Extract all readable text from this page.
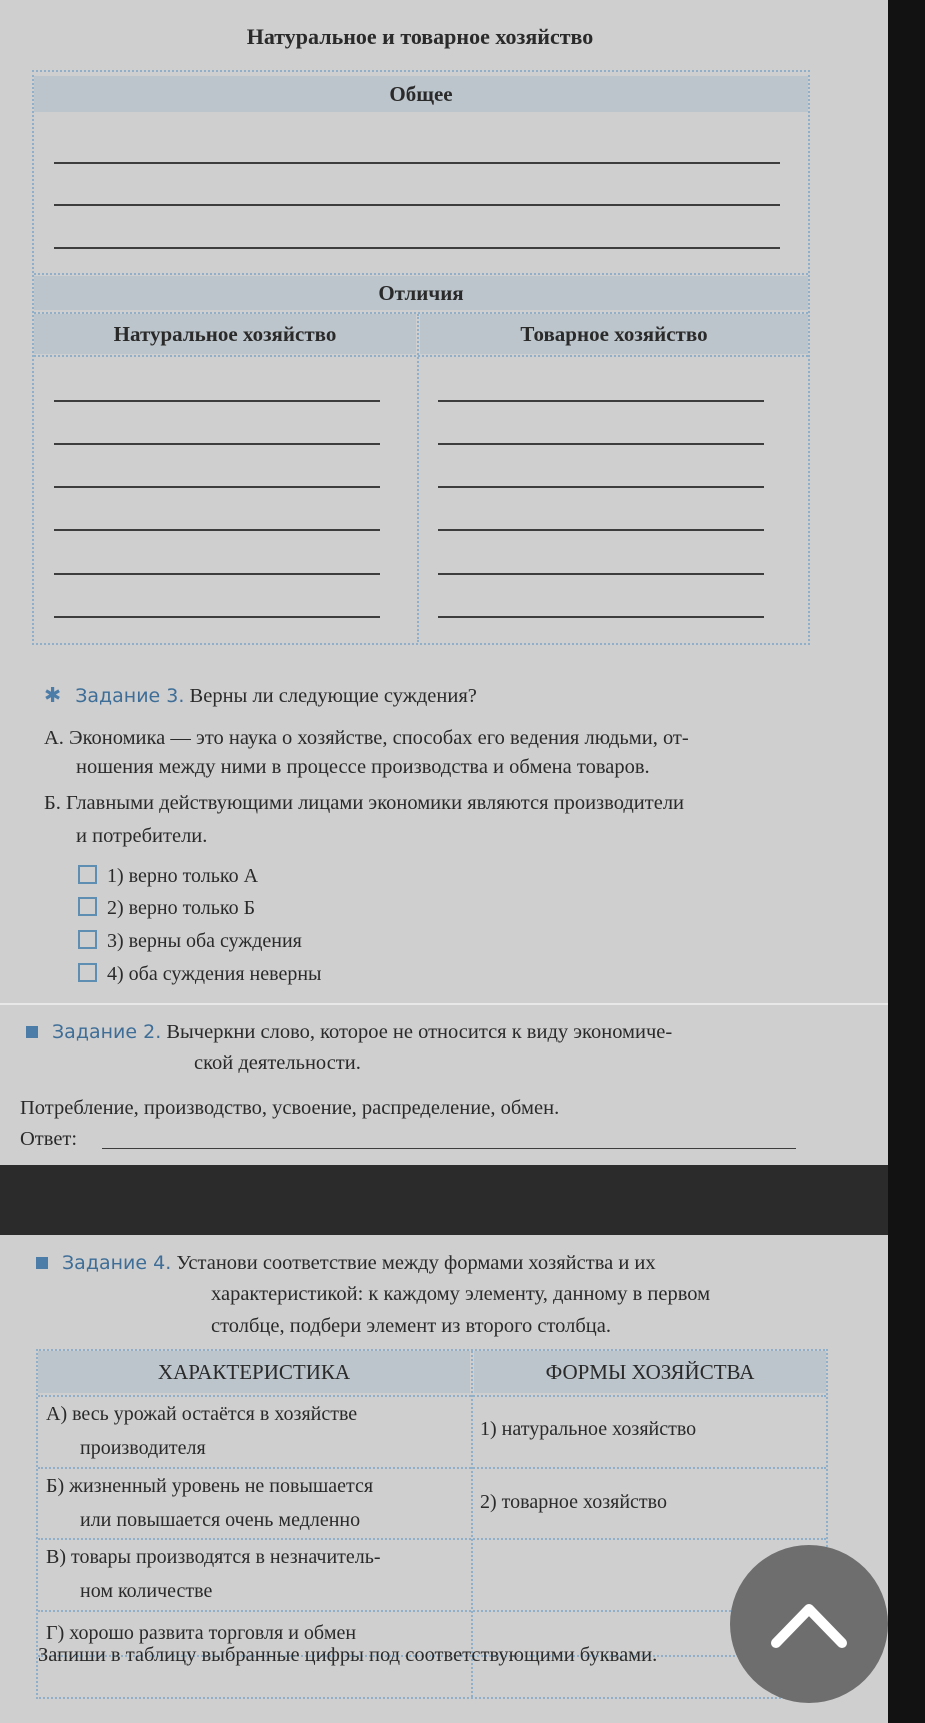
Натуральное и товарное хозяйство
Общее
Отличия
Натуральное хозяйство	Товарное хозяйство
✱ Задание 3. Верны ли следующие суждения?
А. Экономика — это наука о хозяйстве, способах его ведения людьми, от-
ношения между ними в процессе производства и обмена товаров.
Б. Главными действующими лицами экономики являются производители
и потребители.
1) верно только А
2) верно только Б
3) верны оба суждения
4) оба суждения неверны
Задание 2. Вычеркни слово, которое не относится к виду экономиче-
ской деятельности.
Потребление, производство, усвоение, распределение, обмен.
Ответ:
Задание 4. Установи соответствие между формами хозяйства и их
характеристикой: к каждому элементу, данному в первом
столбце, подбери элемент из второго столбца.
ХАРАКТЕРИСТИКА	ФОРМЫ ХОЗЯЙСТВА
А) весь урожай остаётся в хозяйстве
производителя
Б) жизненный уровень не повышается
или повышается очень медленно
В) товары производятся в незначитель-
ном количестве
Г) хорошо развита торговля и обмен
1) натуральное хозяйство
2) товарное хозяйство
Запиши в таблицу выбранные цифры под соответствующими буквами.
